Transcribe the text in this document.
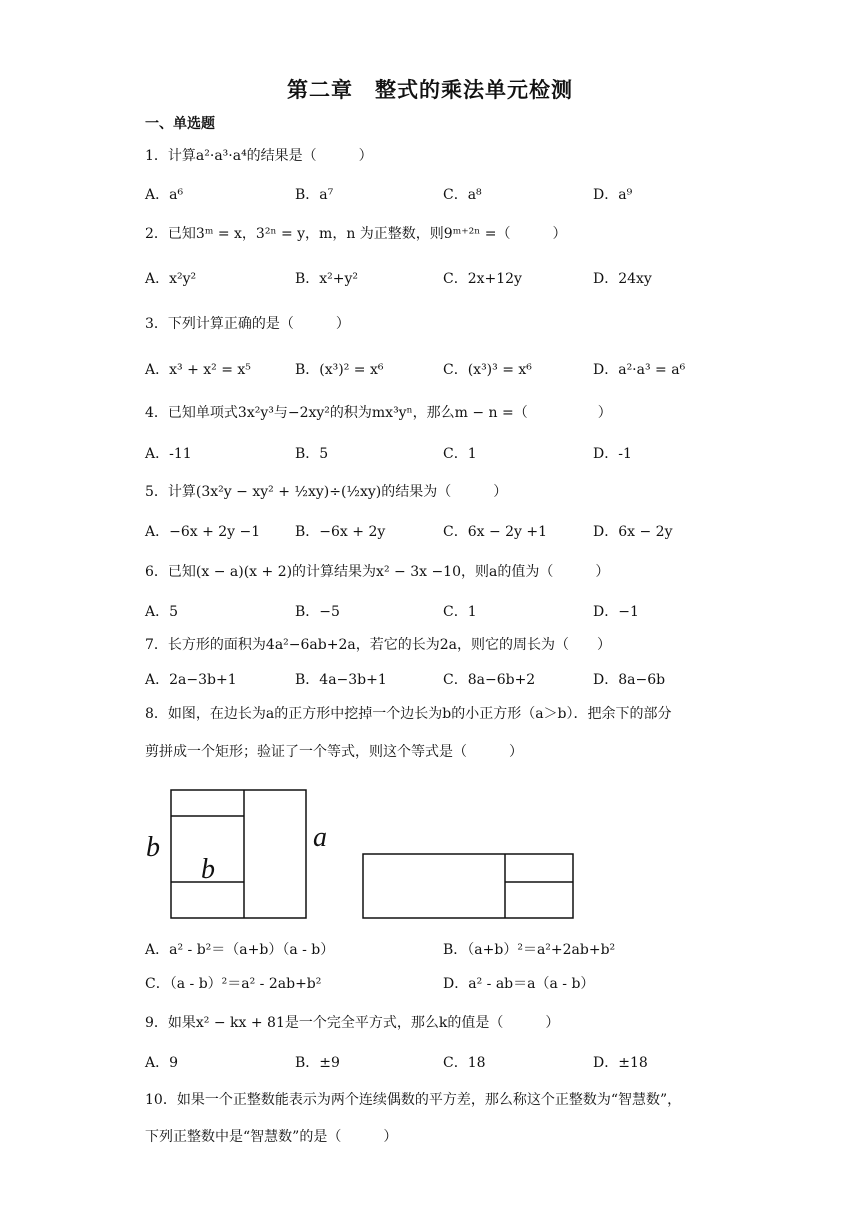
第二章　整式的乘法单元检测
一、单选题
1．计算a²·a³·a⁴的结果是（　　　）
A．a⁶	B．a⁷	C．a⁸	D．a⁹
2．已知3ᵐ = x，3²ⁿ = y，m，n 为正整数，则9ᵐ⁺²ⁿ =（　　　）
A．x²y²	B．x²+y²	C．2x+12y	D．24xy
3．下列计算正确的是（　　　）
A．x³ + x² = x⁵	B．(x³)² = x⁶	C．(x³)³ = x⁶	D．a²·a³ = a⁶
4．已知单项式3x²y³与−2xy²的积为mx³yⁿ，那么m − n =（　　　　　）
A．-11	B．5	C．1	D．-1
5．计算(3x²y − xy² + ½xy)÷(½xy)的结果为（　　　）
A．−6x + 2y −1 B．−6x + 2y	C．6x − 2y +1	D．6x − 2y
6．已知(x − a)(x + 2)的计算结果为x² − 3x −10，则a的值为（　　　）
A．5	B．−5	C．1	D．−1
7．长方形的面积为4a²−6ab+2a，若它的长为2a，则它的周长为（　　）
A．2a−3b+1	B．4a−3b+1	C．8a−6b+2	D．8a−6b
8．如图，在边长为a的正方形中挖掉一个边长为b的小正方形（a＞b）．把余下的部分
剪拼成一个矩形；验证了一个等式，则这个等式是（　　　）
b
b
a
A．a² - b²＝（a+b）（a - b）	B．（a+b）²＝a²+2ab+b²
C．（a - b）²＝a² - 2ab+b²	D．a² - ab＝a（a - b）
9．如果x² − kx + 81是一个完全平方式，那么k的值是（　　　）
A．9	B．±9	C．18	D．±18
10．如果一个正整数能表示为两个连续偶数的平方差，那么称这个正整数为“智慧数”，
下列正整数中是“智慧数”的是（　　　）
